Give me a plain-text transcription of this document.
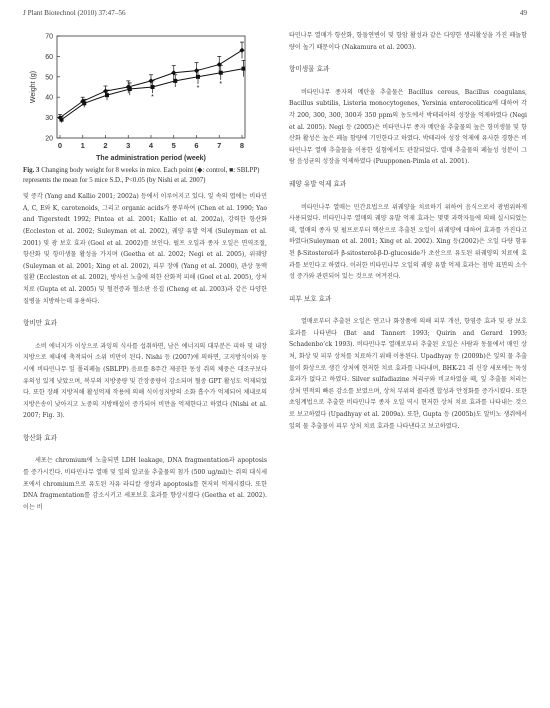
J Plant Biotechnol (2010) 37:47–56	49
20
30
40
50
60
70
0 1 2 3 4 5 6 7 8
The administration period (week)
Weight (g)	*
*
*

Fig. 3 Changing body weight for 8 weeks in mice. Each point (◆: control, ■: SBLPP) represents the mean for 5 mice S.D., P<0.05 (by Nishi et al. 2007)

및 증각 (Yang and Kallio 2001; 2002a) 등에서 이루어지고 있다. 잎 속의 엽에는 비타민 A, C, E와 K, carotenoids, 그리고 organic acids가 풍부하여 (Chen et al. 1990; Yao and Tigerstedt 1992; Pintea et al. 2001; Kallio et al. 2002a), 강력한 항산화 (Eccleston et al. 2002; Suleyman et al. 2002), 궤양 유발 억제 (Suleyman et al. 2001) 및 광 보호 효과 (Goel et al. 2002)를 보인다. 펄프 오일과 종자 오일은 면역조절, 항산화 및 항미생물 활성을 가지며 (Geetha et al. 2002; Negi et al. 2005), 위궤양 (Suleyman et al. 2001; Xing et al. 2002), 피부 장애 (Yang et al. 2000), 관상 동맥 질환 (Eccleston et al. 2002), 방사선 노출에 의한 산화적 피해 (Goel et al. 2005), 상처 치료 (Gupta et al. 2005) 및 혈전증과 혈소판 응집 (Cheng et al. 2003)과 같은 다양한 질병을 치방하는데 유용하다.

항비만 효과

소비 에너지가 이상으로 과잉의 식사를 섭취하면, 남은 에너지의 대부분은 피하 및 내장지방으로 체내에 축적되어 소위 비만이 된다. Nishi 등 (2007)에 의하면, 고지방식이와 동시에 비타민나무 잎 폴리페놀 (SBLPP) 음료를 8주간 제공한 동성 쥐의 체중은 대조구보다 유의성 있게 낮았으며, 복부의 지방중량 및 간장중량이 감소되며 혈중 GPT 활성도 억제되었다. 또한 장쇄 지방저해 활성억제 작용에 의해 식이성지방의 소화 흡수가 억제되어 체내로의 지방은송이 낮아지고 노중의 지방배설이 증가되어 비만을 억제한다고 하였다 (Nishi et al. 2007; Fig. 3).

항산화 효과

세포는 chromium에 노출되면 LDH leakage, DNA fragmentation과 apoptosis를 증가시킨다. 비타민나무 열매 및 잎의 알코올 추출물의 첨가 (500 ug/ml)는 쥐의 대식세포에서 chromium으로 유도된 자유 라디칼 생성과 apoptosis를 현저히 억제시켰다. 또한 DNA fragmentation를 감소시키고 세포보호 효과를 향상시켰다 (Geetha et al. 2002). 이는 비

타민나무 열매가 항산화, 항돌연변이 및 항암 활성과 같은 다양한 생리활성을 가진 페놀함량이 높기 때문이다 (Nakamura et al. 2003).

항미생물 효과

비타민나무 종자의 메탄올 추출물은 Bacillus cereus, Bacillus coagulans, Bacillus subtilis, Listeria monocytogenes, Yersinia enterocolitica에 대하여 각각 200, 300, 300, 300과 350 ppm의 농도에서 박테리아의 성장을 억제하였다 (Negi et al. 2005). Negi 등 (2005)은 비타민나무 종자 메탄올 추출물의 높은 항미생물 및 항산화 활성은 높은 페놀 함량에 기인한다고 하였다. 박테리아 성장 억제에 유사한 경향은 비타민나무 열매 추출물을 이용한 실험에서도 관찰되었다. 열매 추출물의 페놀성 성분이 그람 음성균의 성장을 억제하였다 (Puupponen-Pimla et al. 2001).

궤양 유발 억제 효과

비타민나무 열매는 민간요법으로 위궤양을 치료하기 위하여 음식으로서 광범위하게 사용되었다. 비타민나무 열매의 궤양 유발 억제 효과는 몇몇 과학자들에 의해 실시되었는데, 열매의 종자 및 펄프로부터 헥산으로 추출된 오일이 위궤양에 대하여 효과를 가진다고 하였다(Suleyman et al. 2001; Xing et al. 2002). Xing 등(2002)은 오일 다량 함유된 β-Sitosterol과 β-sitosterol-β-D-glucoside가 초산으로 유도된 위궤양의 치료에 효과를 보인다고 하였다. 이러한 비타민나무 오일의 궤양 유발 억제 효과는 점막 표면의 소수성 증가와 관련되어 있는 것으로 여겨진다.

피부 보호 효과

열매로부터 추출된 오일은 연고나 화장품에 의해 피부 개선, 항염증 효과 및 광 보호 효과를 나타낸다 (Bat and Tannert 1993; Quirin and Gerard 1993; Schadenbo’ck 1993). 비타민나무 열매로부터 추출된 오일은 사람과 동물에서 매인 상처, 화상 및 피부 상처를 치료하기 위해 이용된다. Upadhyay 등 (2009b)은 잎의 물 추출물이 화상으로 생긴 상처에 현저한 치료 효과를 나타내며, BHK-21 쥐 신장 세포에는 독성 효과가 없다고 하였다. Silver sulfadiazine 처리구와 비교하였을 때, 잎 추출물 처리는 상처 면적의 빠른 감소를 보였으며, 상처 부위의 콜라겐 합성과 안정화를 증가시켰다. 또한 초임계법으로 추출한 비타민나무 종자 오일 역시 현저한 상처 치료 효과를 나타내는 것으로 보고하였다 (Upadhyay et al. 2009a). 또한, Gupta 등 (2005b)도 알비노 생쥐에서 잎의 물 추출물이 피부 상처 치료 효과를 나타낸다고 보고하였다.
